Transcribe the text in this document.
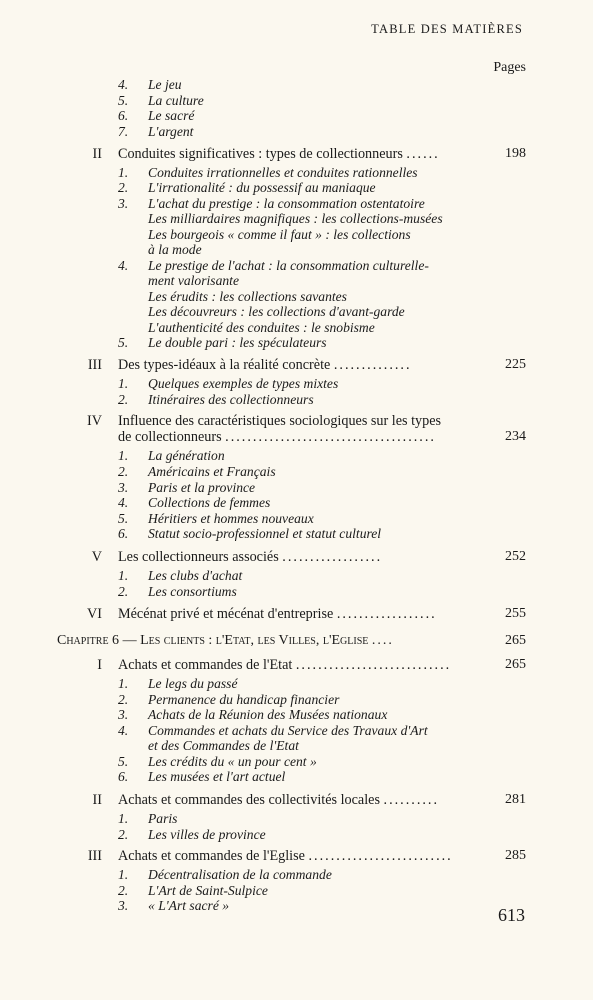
TABLE DES MATIÈRES
Pages
4. Le jeu
5. La culture
6. Le sacré
7. L'argent
II Conduites significatives : types de collectionneurs ......	198
1. Conduites irrationnelles et conduites rationnelles
2. L'irrationalité : du possessif au maniaque
3. L'achat du prestige : la consommation ostentatoire
Les milliardaires magnifiques : les collections-musées
Les bourgeois « comme il faut » : les collections
à la mode
4. Le prestige de l'achat : la consommation culturelle-
ment valorisante
Les érudits : les collections savantes
Les découvreurs : les collections d'avant-garde
L'authenticité des conduites : le snobisme
5. Le double pari : les spéculateurs
III Des types-idéaux à la réalité concrète ..............	225
1. Quelques exemples de types mixtes
2. Itinéraires des collectionneurs
IV Influence des caractéristiques sociologiques sur les types
de collectionneurs ......................................	234
1. La génération
2. Américains et Français
3. Paris et la province
4. Collections de femmes
5. Héritiers et hommes nouveaux
6. Statut socio-professionnel et statut culturel
V Les collectionneurs associés ..................	252
1. Les clubs d'achat
2. Les consortiums
VI Mécénat privé et mécénat d'entreprise ..................	255
Chapitre 6 — Les clients : l'Etat, les Villes, l'Eglise ....	265
I Achats et commandes de l'Etat ............................	265
1. Le legs du passé
2. Permanence du handicap financier
3. Achats de la Réunion des Musées nationaux
4. Commandes et achats du Service des Travaux d'Art
et des Commandes de l'Etat
5. Les crédits du « un pour cent »
6. Les musées et l'art actuel
II Achats et commandes des collectivités locales ..........	281
1. Paris
2. Les villes de province
III Achats et commandes de l'Eglise ..........................	285
1. Décentralisation de la commande
2. L'Art de Saint-Sulpice
3. « L'Art sacré »	613
